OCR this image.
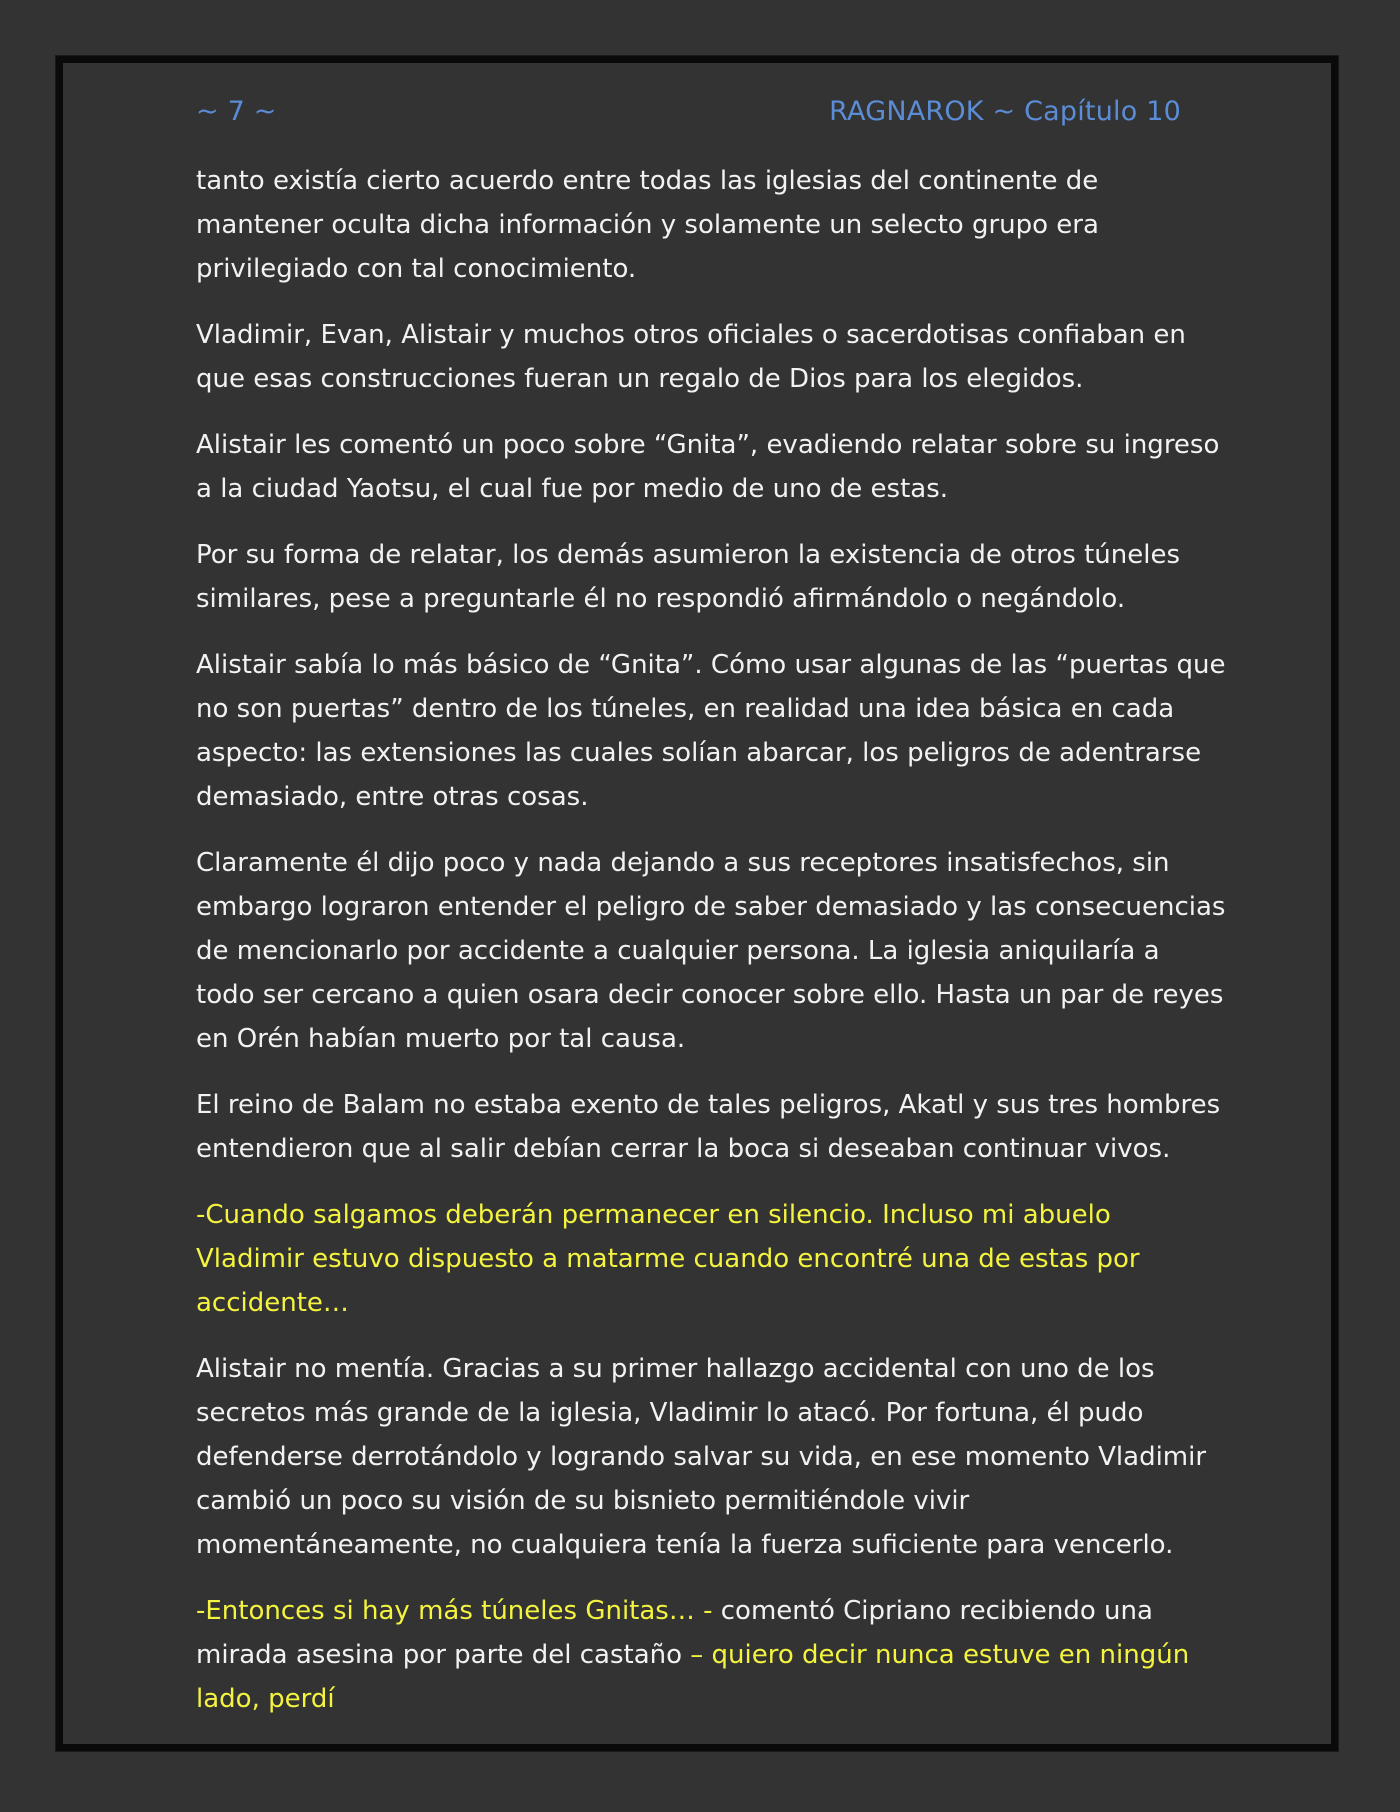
~ 7 ~	RAGNAROK ~ Capítulo 10

tanto existía cierto acuerdo entre todas las iglesias del continente de mantener oculta dicha información y solamente un selecto grupo era privilegiado con tal conocimiento.

Vladimir, Evan, Alistair y muchos otros oficiales o sacerdotisas confiaban en que esas construcciones fueran un regalo de Dios para los elegidos.

Alistair les comentó un poco sobre “Gnita”, evadiendo relatar sobre su ingreso a la ciudad Yaotsu, el cual fue por medio de uno de estas.

Por su forma de relatar, los demás asumieron la existencia de otros túneles similares, pese a preguntarle él no respondió afirmándolo o negándolo.

Alistair sabía lo más básico de “Gnita”. Cómo usar algunas de las “puertas que no son puertas” dentro de los túneles, en realidad una idea básica en cada aspecto: las extensiones las cuales solían abarcar, los peligros de adentrarse demasiado, entre otras cosas.

Claramente él dijo poco y nada dejando a sus receptores insatisfechos, sin embargo lograron entender el peligro de saber demasiado y las consecuencias de mencionarlo por accidente a cualquier persona. La iglesia aniquilaría a todo ser cercano a quien osara decir conocer sobre ello. Hasta un par de reyes en Orén habían muerto por tal causa.

El reino de Balam no estaba exento de tales peligros, Akatl y sus tres hombres entendieron que al salir debían cerrar la boca si deseaban continuar vivos.

-Cuando salgamos deberán permanecer en silencio. Incluso mi abuelo Vladimir estuvo dispuesto a matarme cuando encontré una de estas por accidente…

Alistair no mentía. Gracias a su primer hallazgo accidental con uno de los secretos más grande de la iglesia, Vladimir lo atacó. Por fortuna, él pudo defenderse derrotándolo y logrando salvar su vida, en ese momento Vladimir cambió un poco su visión de su bisnieto permitiéndole vivir momentáneamente, no cualquiera tenía la fuerza suficiente para vencerlo.

-Entonces si hay más túneles Gnitas… - comentó Cipriano recibiendo una mirada asesina por parte del castaño – quiero decir nunca estuve en ningún lado, perdí
